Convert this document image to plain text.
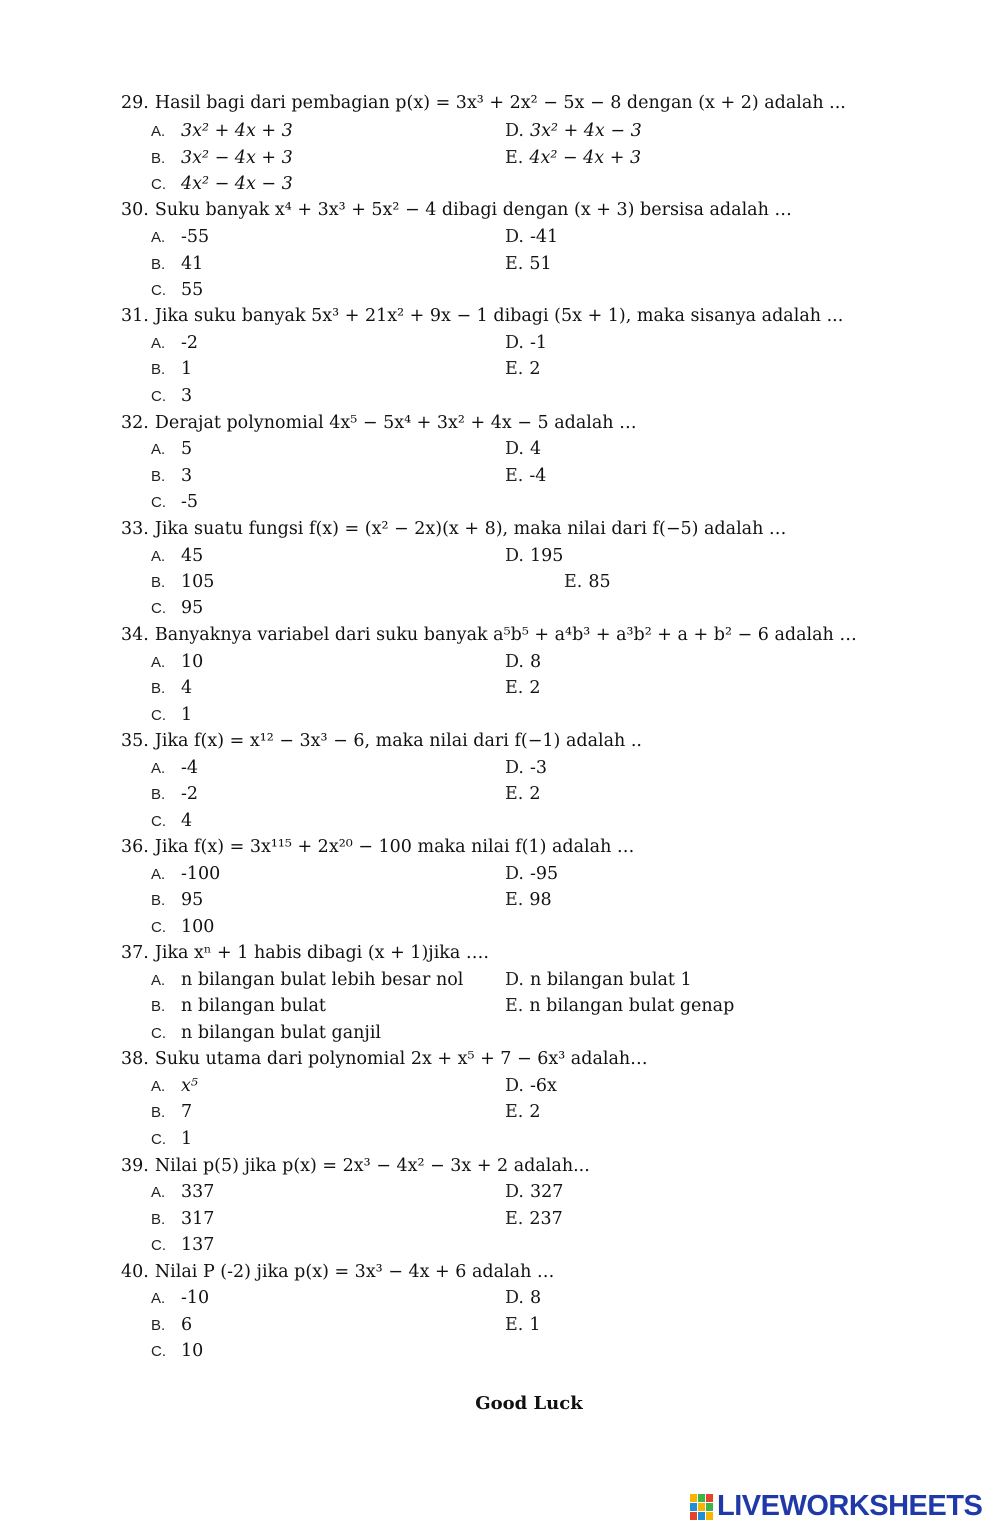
29. Hasil bagi dari pembagian p(x) = 3x³ + 2x² − 5x − 8 dengan (x + 2) adalah ...
A. 3x² + 4x + 3
B. 3x² − 4x + 3
C. 4x² − 4x − 3
D. 3x² + 4x − 3
E. 4x² − 4x + 3
30. Suku banyak x⁴ + 3x³ + 5x² − 4 dibagi dengan (x + 3) bersisa adalah …
A. -55
B. 41
C. 55
D. -41
E. 51
31. Jika suku banyak 5x³ + 21x² + 9x − 1 dibagi (5x + 1), maka sisanya adalah ...
A. -2
B. 1
C. 3
D. -1
E. 2
32. Derajat polynomial 4x⁵ − 5x⁴ + 3x² + 4x − 5 adalah …
A. 5
B. 3
C. -5
D. 4
E. -4
33. Jika suatu fungsi f(x) = (x² − 2x)(x + 8), maka nilai dari f(−5) adalah …
A. 45
B. 105
C. 95
D. 195
E. 85
34. Banyaknya variabel dari suku banyak a⁵b⁵ + a⁴b³ + a³b² + a + b² − 6 adalah …
A. 10
B. 4
C. 1
D. 8
E. 2
35. Jika f(x) = x¹² − 3x³ − 6, maka nilai dari f(−1) adalah ..
A. -4
B. -2
C. 4
D. -3
E. 2
36. Jika f(x) = 3x¹¹⁵ + 2x²⁰ − 100 maka nilai f(1) adalah …
A. -100
B. 95
C. 100
D. -95
E. 98
37. Jika xⁿ + 1 habis dibagi (x + 1)jika ….
A. n bilangan bulat lebih besar nol
B. n bilangan bulat
C. n bilangan bulat ganjil
D. n bilangan bulat 1
E. n bilangan bulat genap
38. Suku utama dari polynomial 2x + x⁵ + 7 − 6x³ adalah…
A. x⁵
B. 7
C. 1
D. -6x
E. 2
39. Nilai p(5) jika p(x) = 2x³ − 4x² − 3x + 2 adalah...
A. 337
B. 317
C. 137
D. 327
E. 237
40. Nilai P (-2) jika p(x) = 3x³ − 4x + 6 adalah …
A. -10
B. 6
C. 10
D. 8
E. 1
Good Luck
LIVEWORKSHEETS
